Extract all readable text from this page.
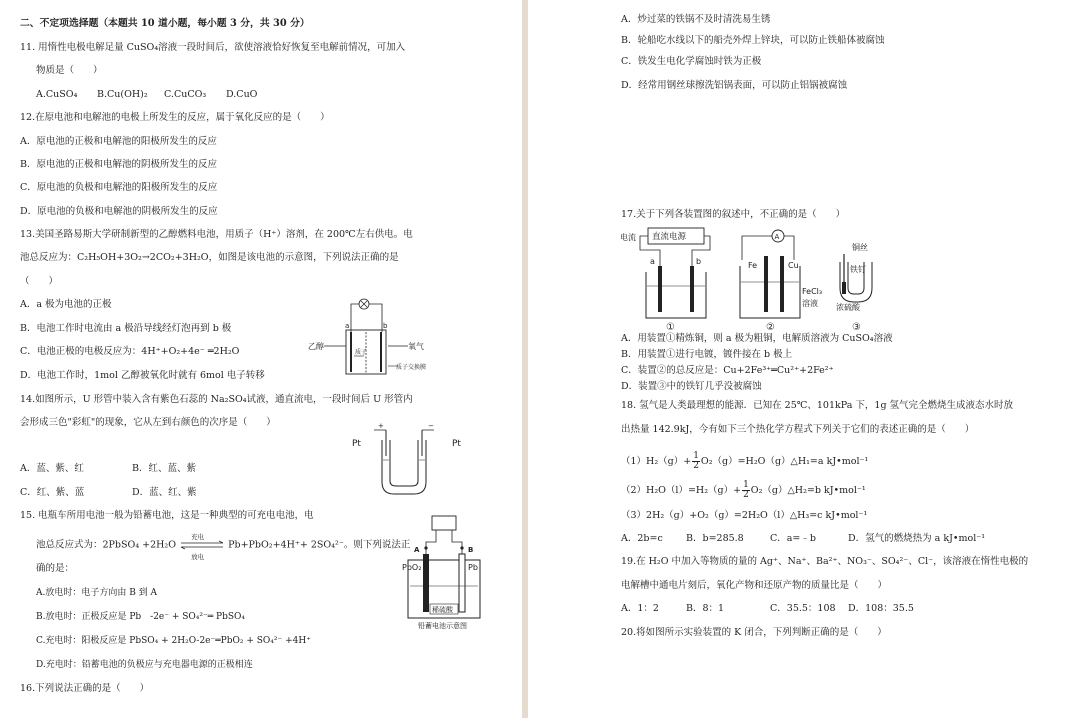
二、不定项选择题（本题共 10 道小题，每小题 3 分，共 30 分）
11. 用惰性电极电解足量 CuSO₄溶液一段时间后，欲使溶液恰好恢复至电解前情况，可加入
物质是（　　）
A.CuSO₄ B.Cu(OH)₂ C.CuCO₃ D.CuO
12.在原电池和电解池的电极上所发生的反应，属于氧化反应的是（　　）
A．原电池的正极和电解池的阳极所发生的反应
B．原电池的正极和电解池的阴极所发生的反应
C．原电池的负极和电解池的阳极所发生的反应
D．原电池的负极和电解池的阴极所发生的反应
13.美国圣路易斯大学研制新型的乙醇燃料电池，用质子（H⁺）溶剂，在 200℃左右供电。电
池总反应为：C₂H₅OH+3O₂→2CO₂+3H₂O，如图是该电池的示意图，下列说法正确的是
（　　）
A．a 极为电池的正极
B．电池工作时电流由 a 极沿导线经灯泡再到 b 极
C．电池正极的电极反应为：4H⁺+O₂+4e⁻ ═2H₂O
D．电池工作时，1mol 乙醇被氧化时就有 6mol 电子转移
乙醇	氧气
a	b
质子
质子交换膜
14.如图所示，U 形管中装入含有紫色石蕊的 Na₂SO₄试液，通直流电，一段时间后 U 形管内
会形成三色"彩虹"的现象，它从左到右颜色的次序是（　　）
A．蓝、紫、红	B．红、蓝、紫
C．红、紫、蓝	D．蓝、红、紫
+	−
Pt	Pt
15. 电瓶车所用电池一般为铅蓄电池，这是一种典型的可充电电池，电
池总反应式为：2PbSO₄ +2H₂O
充电
放电
Pb+PbO₂+4H⁺+ 2SO₄²⁻。则下列说法正
确的是：
A.放电时：电子方向由 B 到 A
B.放电时：正极反应是 Pb　-2e⁻ + SO₄²⁻═ PbSO₄
C.充电时：阳极反应是 PbSO₄ + 2H₂O-2e⁻═PbO₂ + SO₄²⁻ +4H⁺
D.充电时：铅蓄电池的负极应与充电器电源的正极相连
A	B
PbO₂	Pb
稀硫酸
铅蓄电池示意图
16.下列说法正确的是（　　）
A．炒过菜的铁锅不及时清洗易生锈
B．轮船吃水线以下的船壳外焊上锌块，可以防止铁船体被腐蚀
C．铁发生电化学腐蚀时铁为正极
D．经常用钢丝球擦洗铝锅表面，可以防止铝锅被腐蚀
17.关于下列各装置图的叙述中，不正确的是（　　）
直流电源
电流
a	b
①
A
Fe	Cu
FeCl₃
溶液
②
铜丝
铁钉
浓硫酸
③
A．用装置①精炼铜，则 a 极为粗铜，电解质溶液为 CuSO₄溶液
B．用装置①进行电镀，镀件接在 b 极上
C．装置②的总反应是：Cu+2Fe³⁺═Cu²⁺+2Fe²⁺
D．装置③中的铁钉几乎没被腐蚀
18. 氢气是人类最理想的能源．已知在 25℃、101kPa 下，1g 氢气完全燃烧生成液态水时放
出热量 142.9kJ，今有如下三个热化学方程式下列关于它们的表述正确的是（　　）
$(1)H_2(g)+ \frac{1}{2}$ O₂（g）=H₂O（g）△H₁=a kJ•mol⁻¹
$(2)H_2O(l)=H_2(g)+ \frac{1}{2}$ O₂（g）△H₂=b kJ•mol⁻¹
（3）2H₂（g）+O₂（g）=2H₂O（l）△H₃=c kJ•mol⁻¹
A．2b=c B．b=285.8	C．a=﹣b	D．氢气的燃烧热为 a kJ•mol⁻¹
19.在 H₂O 中加入等物质的量的 Ag⁺、Na⁺、Ba²⁺、NO₃⁻、SO₄²⁻、Cl⁻，该溶液在惰性电极的
电解槽中通电片刻后，氧化产物和还原产物的质量比是（　　）
A．1：2	B．8：1	C．35.5：108 D．108：35.5
20.将如图所示实验装置的 K 闭合，下列判断正确的是（　　）
